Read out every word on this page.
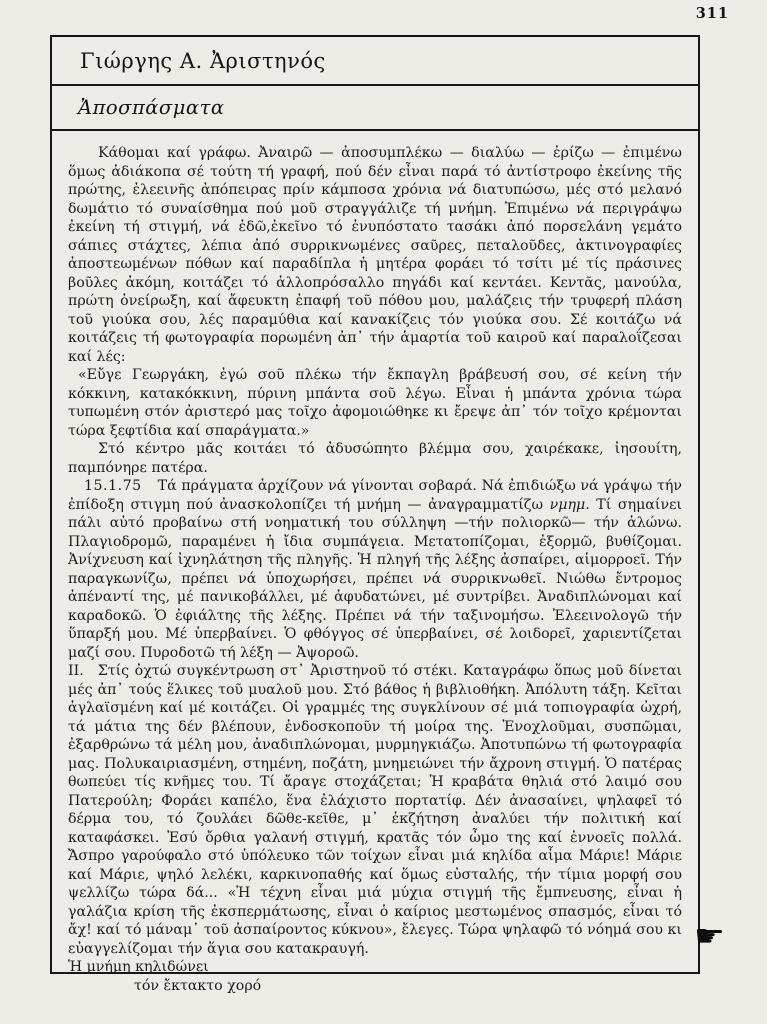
311
Γιώργης Α. Ἀριστηνός
Ἀποσπάσματα

Κάθομαι καί γράφω. Ἀναιρῶ — ἀποσυμπλέκω — διαλύω — ἐρίζω — ἐπιμένω ὅμως ἀδιάκοπα σέ τούτη τή γραφή, πού δέν εἶναι παρά τό ἀντίστροφο ἐκείνης τῆς πρώτης, ἐλεεινῆς ἀπόπειρας πρίν κάμποσα χρόνια νά διατυπώσω, μές στό μελανό δωμάτιο τό συναίσθημα πού μοῦ στραγγάλιζε τή μνήμη. Ἐπιμένω νά περιγράψω ἐκείνη τή στιγμή, νά ἐδῶ,ἐκεῖνο τό ἐνυπόστατο τασάκι ἀπό πορσελάνη γεμάτο σάπιες στάχτες, λέπια ἀπό συρρικνωμένες σαῦρες, πεταλοῦδες, ἀκτινογραφίες ἀποστεωμένων πόθων καί παραδίπλα ἡ μητέρα φοράει τό τσίτι μέ τίς πράσινες βοῦλες ἀκόμη, κοιτάζει τό ἀλλοπρόσαλλο πηγάδι καί κεντάει. Κεντᾶς, μανούλα, πρώτη ὀνείρωξη, καί ἄφευκτη ἐπαφή τοῦ πόθου μου, μαλάζεις τήν τρυφερή πλάση τοῦ γιούκα σου, λές παραμύθια καί κανακίζεις τόν γιούκα σου. Σέ κοιτάζω νά κοιτάζεις τή φωτογραφία πορωμένη ἀπ᾽ τήν ἁμαρτία τοῦ καιροῦ καί παραλοΐζεσαι καί λές:

«Εὔγε Γεωργάκη, ἐγώ σοῦ πλέκω τήν ἔκπαγλη βράβευσή σου, σέ κείνη τήν κόκκινη, κατακόκκινη, πύρινη μπάντα σοῦ λέγω. Εἶναι ἡ μπάντα χρόνια τώρα τυπωμένη στόν ἀριστερό μας τοῖχο ἀφομοιώθηκε κι ἔρεψε ἀπ᾽ τόν τοῖχο κρέμονται τώρα ξεφτίδια καί σπαράγματα.»

Στό κέντρο μᾶς κοιτάει τό ἀδυσώπητο βλέμμα σου, χαιρέκακε, ἰησουίτη, παμπόνηρε πατέρα.

15.1.75 Τά πράγματα ἀρχίζουν νά γίνονται σοβαρά. Νά ἐπιδιώξω νά γράψω τήν ἐπίδοξη στιγμη πού ἀνασκολοπίζει τή μνήμη — ἀναγραμματίζω νμημ. Τί σημαίνει πάλι αὐτό προβαίνω στή νοηματική του σύλληψη —τήν πολιορκῶ— τήν ἁλώνω. Πλαγιοδρομῶ, παραμένει ἡ ἴδια συμπάγεια. Μετατοπίζομαι, ἐξορμῶ, βυθίζομαι. Ἀνίχνευση καί ἰχνηλάτηση τῆς πληγῆς. Ἡ πληγή τῆς λέξης ἀσπαίρει, αἱμορροεῖ. Τήν παραγκωνίζω, πρέπει νά ὑποχωρήσει, πρέπει νά συρρικνωθεῖ. Νιώθω ἔντρομος ἀπέναντί της, μέ πανικοβάλλει, μέ ἀφυδατώνει, μέ συντρίβει. Ἀναδιπλώνομαι καί καραδοκῶ. Ὁ ἐφιάλτης τῆς λέξης. Πρέπει νά τήν ταξινομήσω. Ἐλεεινολογῶ τήν ὕπαρξή μου. Μέ ὑπερβαίνει. Ὁ φθόγγος σέ ὑπερβαίνει, σέ λοιδορεῖ, χαριεντίζεται μαζί σου. Πυροδοτῶ τή λέξη — Ἀψοροῶ.

II. Στίς ὀχτώ συγκέντρωση στ᾽ Ἀριστηνοῦ τό στέκι. Καταγράφω ὅπως μοῦ δίνεται μές ἀπ᾽ τούς ἕλικες τοῦ μυαλοῦ μου. Στό βάθος ἡ βιβλιοθήκη. Ἀπόλυτη τάξη. Κεῖται ἀγλαϊσμένη καί μέ κοιτάζει. Οἱ γραμμές της συγκλίνουν σέ μιά τοπιογραφία ὠχρή, τά μάτια της δέν βλέπουν, ἐνδοσκοποῦν τή μοίρα της. Ἐνοχλοῦμαι, συσπῶμαι, ἐξαρθρώνω τά μέλη μου, ἀναδιπλώνομαι, μυρμηγκιάζω. Ἀποτυπώνω τή φωτογραφία μας. Πολυκαιριασμένη, στημένη, ποζάτη, μνημειώνει τήν ἄχρονη στιγμή. Ὁ πατέρας θωπεύει τίς κνῆμες του. Τί ἄραγε στοχάζεται; Ἡ κραβάτα θηλιά στό λαιμό σου Πατερούλη; Φοράει καπέλο, ἕνα ἐλάχιστο πορτατίφ. Δέν ἀνασαίνει, ψηλαφεῖ τό δέρμα του, τό ζουλάει δῶθε-κεῖθε, μ᾽ ἐκζήτηση ἀναλύει τήν πολιτική καί καταφάσκει. Ἐσύ ὄρθια γαλανή στιγμή, κρατᾶς τόν ὦμο της καί ἐννοεῖς πολλά. Ἄσπρο γαρούφαλο στό ὑπόλευκο τῶν τοίχων εἶναι μιά κηλίδα αἷμα Μάριε! Μάριε καί Μάριε, ψηλό λελέκι, καρκινοπαθής καί ὅμως εὐσταλής, τήν τίμια μορφή σου ψελλίζω τώρα δά... «Ἡ τέχνη εἶναι μιά μύχια στιγμή τῆς ἔμπνευσης, εἶναι ἡ γαλάζια κρίση τῆς ἐκσπερμάτωσης, εἶναι ὁ καίριος μεστωμένος σπασμός, εἶναι τό ἄχ! καί τό μάναμ᾽ τοῦ ἀσπαίροντος κύκνου», ἔλεγες. Τώρα ψηλαφῶ τό νόημά σου κι εὐαγγελίζομαι τήν ἅγια σου κατακραυγή.

Ἡ μνήμη κηλιδώνει
τόν ἔκτακτο χορό
☛
